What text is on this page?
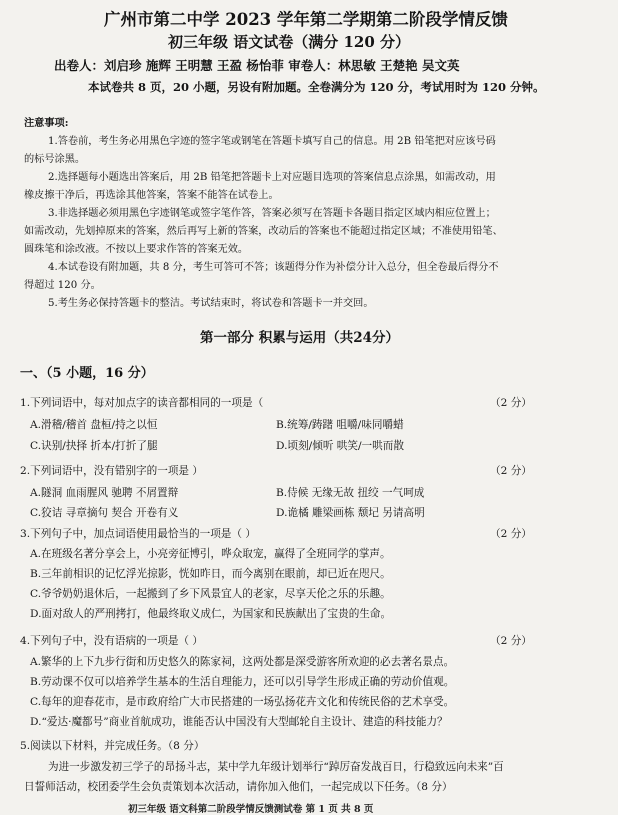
广州市第二中学 2023 学年第二学期第二阶段学情反馈
初三年级 语文试卷（满分 120 分）
出卷人：刘启珍 施辉 王明慧 王盈 杨怡菲 审卷人：林思敏 王楚艳 吴文英
本试卷共 8 页，20 小题，另设有附加题。全卷满分为 120 分，考试用时为 120 分钟。
注意事项:
1.答卷前，考生务必用黑色字迹的签字笔或钢笔在答题卡填写自己的信息。用 2B 铅笔把对应该号码
的标号涂黑。
2.选择题每小题选出答案后，用 2B 铅笔把答题卡上对应题目选项的答案信息点涂黑，如需改动，用
橡皮擦干净后，再选涂其他答案，答案不能答在试卷上。
3.非选择题必须用黑色字迹钢笔或签字笔作答，答案必须写在答题卡各题目指定区域内相应位置上；
如需改动，先划掉原来的答案，然后再写上新的答案，改动后的答案也不能超过指定区域；不准使用铅笔、
圆珠笔和涂改液。不按以上要求作答的答案无效。
4.本试卷设有附加题，共 8 分，考生可答可不答；该题得分作为补偿分计入总分，但全卷最后得分不
得超过 120 分。
5.考生务必保持答题卡的整洁。考试结束时，将试卷和答题卡一并交回。
第一部分 积累与运用（共24分）
一、（5 小题，16 分）
1.下列词语中，每对加点字的读音都相同的一项是（	（2 分）
A.滑稽/稽首 盘桓/持之以恒	B.统筹/踌躇 咀嚼/味同嚼蜡
C.诀别/抉择 折本/打折了腿	D.顷刻/倾听 哄笑/一哄而散
2.下列词语中，没有错别字的一项是 ）	（2 分）
A.隧洞 血雨腥风 驰聘 不屑置辩	B.侍候 无缘无故 扭绞 一气呵成
C.狡诘 寻章摘句 契合 开卷有义	D.诡橘 雕梁画栋 颓圮 另请高明
3.下列句子中，加点词语使用最恰当的一项是（ ）	（2 分）
A.在班级名著分享会上，小亮旁征博引，哗众取宠，赢得了全班同学的掌声。
B.三年前相识的记忆浮光掠影，恍如昨日，而今离别在眼前，却已近在咫尺。
C.爷爷奶奶退休后，一起搬到了乡下风景宜人的老家，尽享天伦之乐的乐趣。
D.面对敌人的严刑拷打，他最终取义成仁，为国家和民族献出了宝贵的生命。
4.下列句子中，没有语病的一项是（ ）	（2 分）
A.繁华的上下九步行街和历史悠久的陈家祠，这两处都是深受游客所欢迎的必去著名景点。
B.劳动课不仅可以培养学生基本的生活自理能力，还可以引导学生形成正确的劳动价值观。
C.每年的迎春花市，是市政府给广大市民搭建的一场弘扬花卉文化和传统民俗的艺术享受。
D.“爱达·魔都号”商业首航成功，谁能否认中国没有大型邮轮自主设计、建造的科技能力？
5.阅读以下材料，并完成任务。（8 分）
为进一步激发初三学子的昂扬斗志，某中学九年级计划举行“踔厉奋发战百日，行稳致远向未来”百
日誓师活动，校团委学生会负责策划本次活动，请你加入他们，一起完成以下任务。（8 分）
初三年级 语文科第二阶段学情反馈测试卷 第 1 页 共 8 页
